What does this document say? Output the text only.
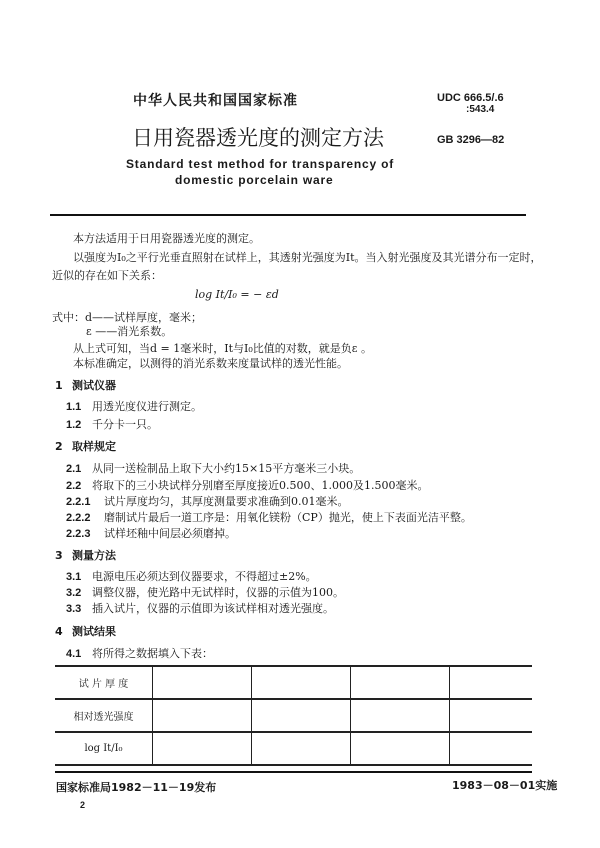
中华人民共和国国家标准	UDC 666.5/.6
:543.4
日用瓷器透光度的测定方法	GB 3296—82
Standard test method for transparency of
domestic porcelain ware
本方法适用于日用瓷器透光度的测定。
以强度为I₀之平行光垂直照射在试样上，其透射光强度为It。当入射光强度及其光谱分布一定时，
近似的存在如下关系：
log It/I₀ = − εd
式中：d——试样厚度，毫米；
ε ——消光系数。
从上式可知，当d = 1毫米时，It与I₀比值的对数，就是负ε 。
本标准确定，以测得的消光系数来度量试样的透光性能。
1 测试仪器
1.1 用透光度仪进行测定。
1.2 千分卡一只。
2 取样规定
2.1 从同一送检制品上取下大小约15×15平方毫米三小块。
2.2 将取下的三小块试样分别磨至厚度接近0.500、1.000及1.500毫米。
2.2.1 试片厚度均匀，其厚度测量要求准确到0.01毫米。
2.2.2 磨制试片最后一道工序是：用氧化镁粉（CP）抛光，使上下表面光洁平整。
2.2.3 试样坯釉中间层必须磨掉。
3 测量方法
3.1 电源电压必须达到仪器要求，不得超过±2%。
3.2 调整仪器，使光路中无试样时，仪器的示值为100。
3.3 插入试片，仪器的示值即为该试样相对透光强度。
4 测试结果
4.1 将所得之数据填入下表：
试 片 厚 度				
相对透光强度				
log It/I₀				
国家标准局1982－11－19发布	1983－08－01实施
2
